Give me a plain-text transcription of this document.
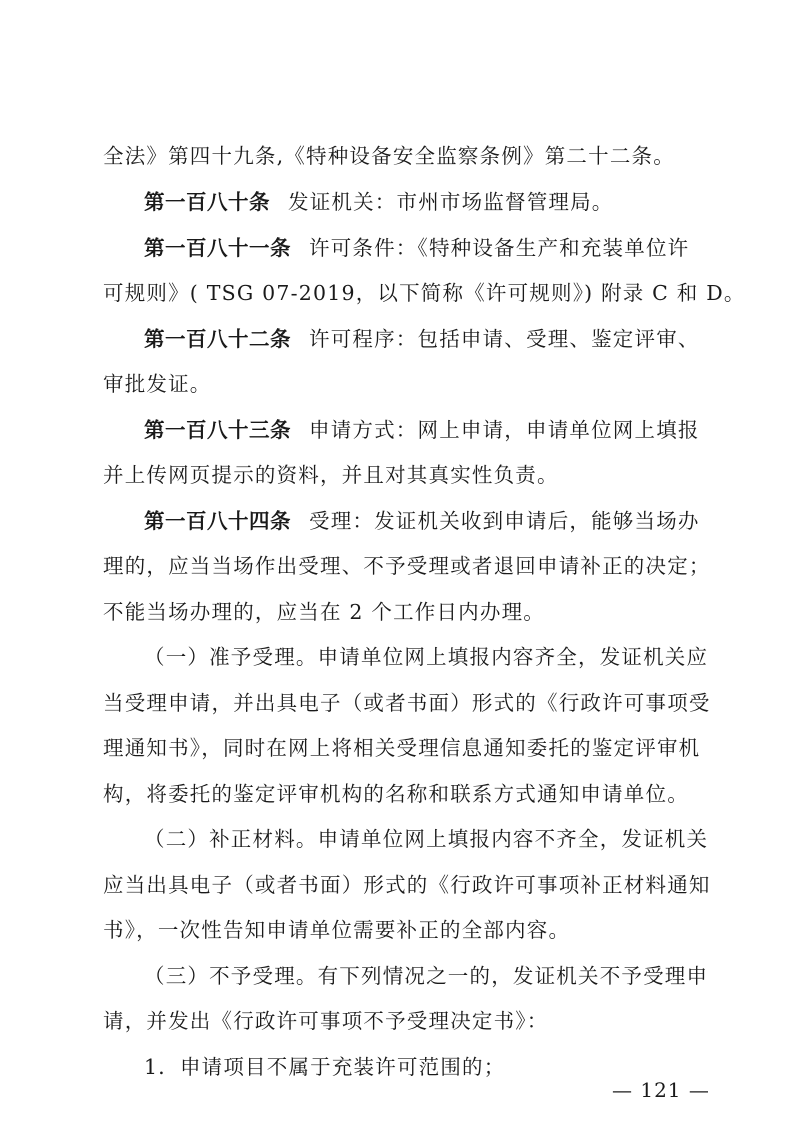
全法》第四十九条,《特种设备安全监察条例》第二十二条。
第一百八十条 发证机关：市州市场监督管理局。
第一百八十一条 许可条件：《特种设备生产和充装单位许
可规则》( TSG 07-2019，以下简称《许可规则》) 附录 C 和 D。
第一百八十二条 许可程序：包括申请、受理、鉴定评审、
审批发证。
第一百八十三条 申请方式：网上申请，申请单位网上填报
并上传网页提示的资料，并且对其真实性负责。
第一百八十四条 受理：发证机关收到申请后，能够当场办
理的，应当当场作出受理、不予受理或者退回申请补正的决定；
不能当场办理的，应当在 2 个工作日内办理。
（一）准予受理。申请单位网上填报内容齐全，发证机关应
当受理申请，并出具电子（或者书面）形式的《行政许可事项受
理通知书》，同时在网上将相关受理信息通知委托的鉴定评审机
构，将委托的鉴定评审机构的名称和联系方式通知申请单位。
（二）补正材料。申请单位网上填报内容不齐全，发证机关
应当出具电子（或者书面）形式的《行政许可事项补正材料通知
书》，一次性告知申请单位需要补正的全部内容。
（三）不予受理。有下列情况之一的，发证机关不予受理申
请，并发出《行政许可事项不予受理决定书》：
1．申请项目不属于充装许可范围的；
— 121 —
